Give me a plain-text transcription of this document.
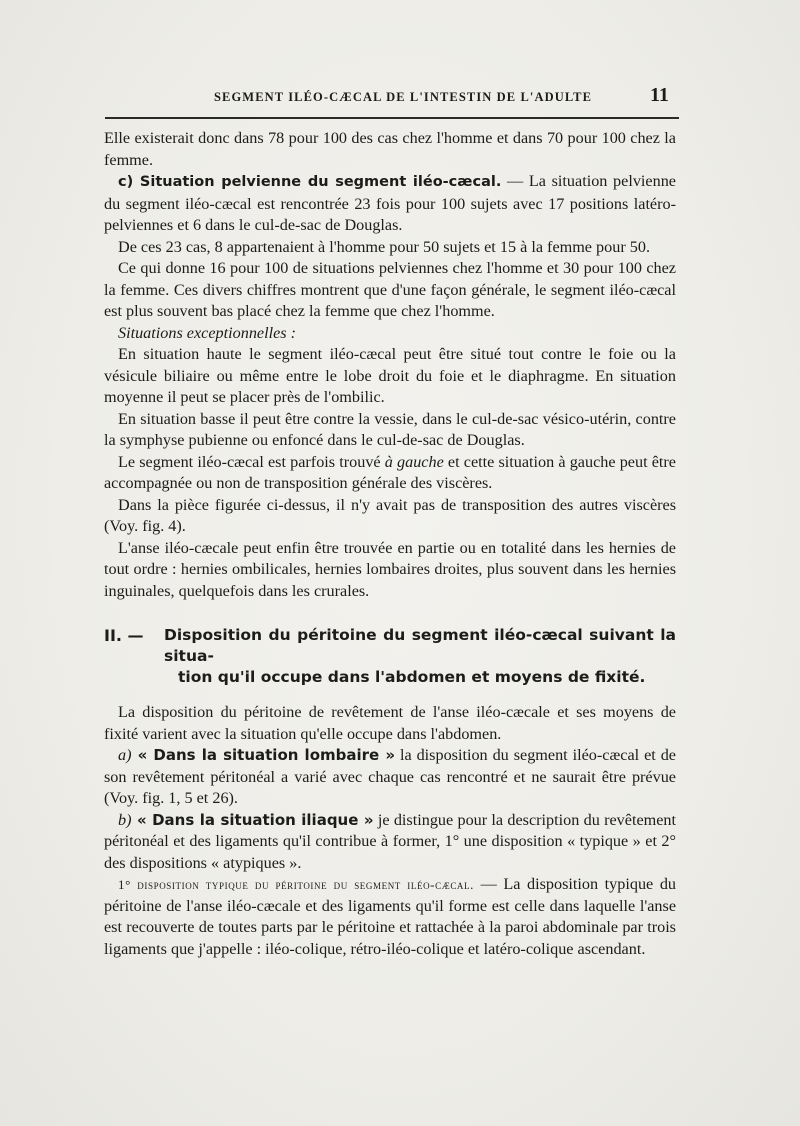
SEGMENT ILÉO-CÆCAL DE L'INTESTIN DE L'ADULTE	11

Elle existerait donc dans 78 pour 100 des cas chez l'homme et dans 70 pour 100 chez la femme.

c) Situation pelvienne du segment iléo-cæcal. — La situation pelvienne du segment iléo-cæcal est rencontrée 23 fois pour 100 sujets avec 17 positions latéro-pelviennes et 6 dans le cul-de-sac de Douglas.

De ces 23 cas, 8 appartenaient à l'homme pour 50 sujets et 15 à la femme pour 50.

Ce qui donne 16 pour 100 de situations pelviennes chez l'homme et 30 pour 100 chez la femme. Ces divers chiffres montrent que d'une façon générale, le segment iléo-cæcal est plus souvent bas placé chez la femme que chez l'homme.

Situations exceptionnelles :

En situation haute le segment iléo-cæcal peut être situé tout contre le foie ou la vésicule biliaire ou même entre le lobe droit du foie et le diaphragme. En situation moyenne il peut se placer près de l'ombilic.

En situation basse il peut être contre la vessie, dans le cul-de-sac vésico-utérin, contre la symphyse pubienne ou enfoncé dans le cul-de-sac de Douglas.

Le segment iléo-cæcal est parfois trouvé à gauche et cette situation à gauche peut être accompagnée ou non de transposition générale des viscères.

Dans la pièce figurée ci-dessus, il n'y avait pas de transposition des autres viscères (Voy. fig. 4).

L'anse iléo-cæcale peut enfin être trouvée en partie ou en totalité dans les hernies de tout ordre : hernies ombilicales, hernies lombaires droites, plus souvent dans les hernies inguinales, quelquefois dans les crurales.

II. —	Disposition du péritoine du segment iléo-cæcal suivant la situa-
tion qu'il occupe dans l'abdomen et moyens de fixité.

La disposition du péritoine de revêtement de l'anse iléo-cæcale et ses moyens de fixité varient avec la situation qu'elle occupe dans l'abdomen.

a) « Dans la situation lombaire » la disposition du segment iléo-cæcal et de son revêtement péritonéal a varié avec chaque cas rencontré et ne saurait être prévue (Voy. fig. 1, 5 et 26).

b) « Dans la situation iliaque » je distingue pour la description du revêtement péritonéal et des ligaments qu'il contribue à former, 1° une disposition « typique » et 2° des dispositions « atypiques ».

1° disposition typique du péritoine du segment iléo-cæcal. — La disposition typique du péritoine de l'anse iléo-cæcale et des ligaments qu'il forme est celle dans laquelle l'anse est recouverte de toutes parts par le péritoine et rattachée à la paroi abdominale par trois ligaments que j'appelle : iléo-colique, rétro-iléo-colique et latéro-colique ascendant.
